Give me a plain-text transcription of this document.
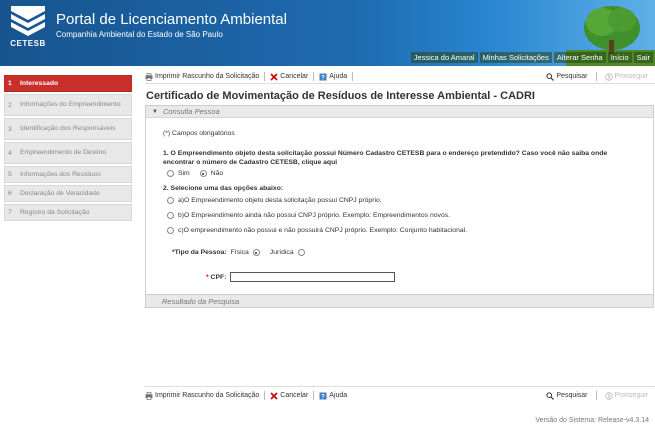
CETESB
Portal de Licenciamento Ambiental
Companhia Ambiental do Estado de São Paulo
Jessica do Amaral	Minhas Solicitações	Alterar Senha	Início	Sair
1	Interessado
2	Informações do Empreendimento
3	Identificação dos Responsáveis
4	Empreendimento de Destino
5	Informações dos Resíduos
6	Declaração de Veracidade
7	Registro da Solicitação
Imprimir Rascunho da Solicitação	Cancelar ? Ajuda	Pesquisar	Prosseguir
Certificado de Movimentação de Resíduos de Interesse Ambiental - CADRI
▼ Consulta Pessoa
(*) Campos obrigatórios
1. O Empreendimento objeto desta solicitação possui Número Cadastro CETESB para o endereço pretendido? Caso você não saiba onde
encontrar o número de Cadastro CETESB, clique aqui
Sim	Não
2. Selecione uma das opções abaixo:
a)O Empreendimento objeto desta solicitação possui CNPJ próprio.
b)O Empreendimento ainda não possui CNPJ próprio. Exemplo: Empreendimentos novos.
c)O empreendimento não possui e não possuirá CNPJ próprio. Exemplo: Conjunto habitacional.
*Tipo da Pessoa: Física	Jurídica
* CPF:
Resultado da Pesquisa
Imprimir Rascunho da Solicitação	Cancelar ? Ajuda	Pesquisar	Prosseguir
Versão do Sistema: Release-v4.3.14
